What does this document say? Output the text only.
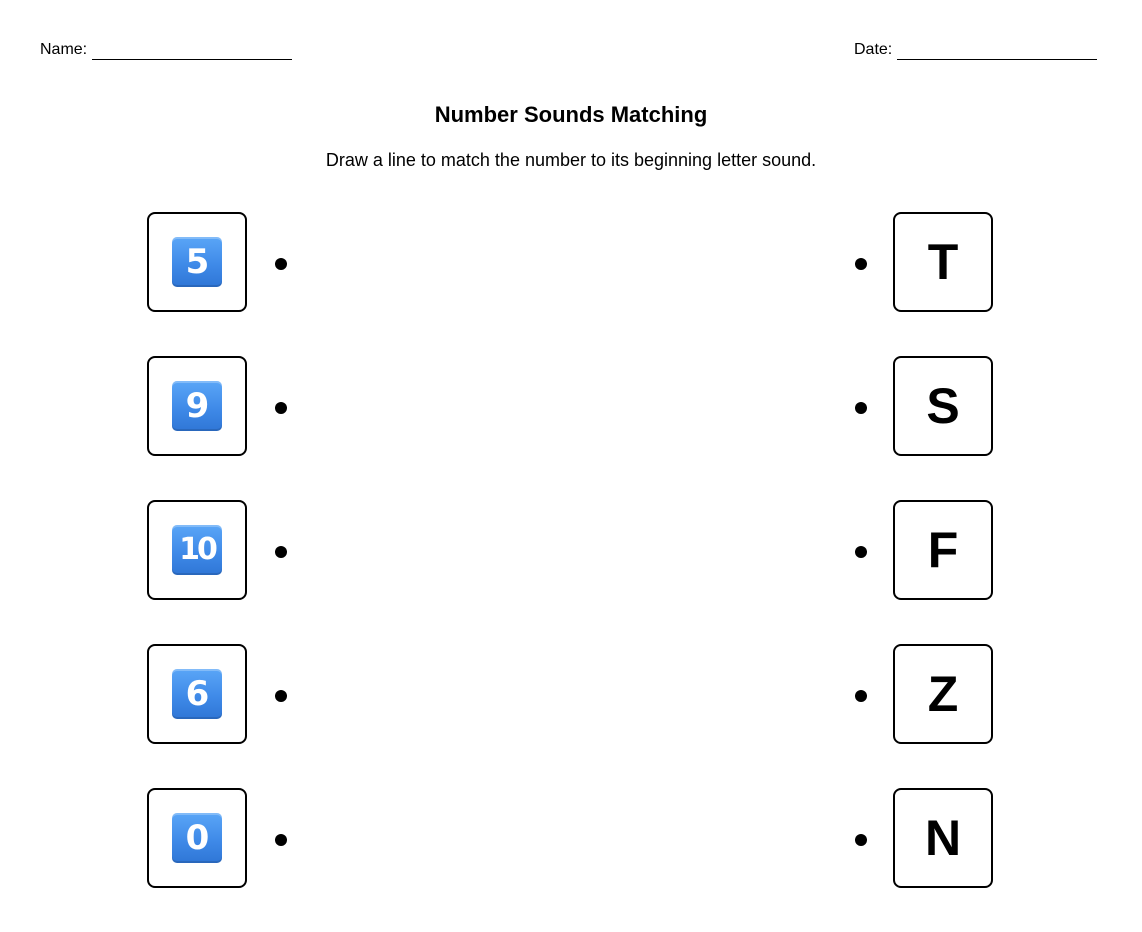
Name:	Date:
Number Sounds Matching
Draw a line to match the number to its beginning letter sound.
5	T
9	S
10	F
6	Z
0	N
